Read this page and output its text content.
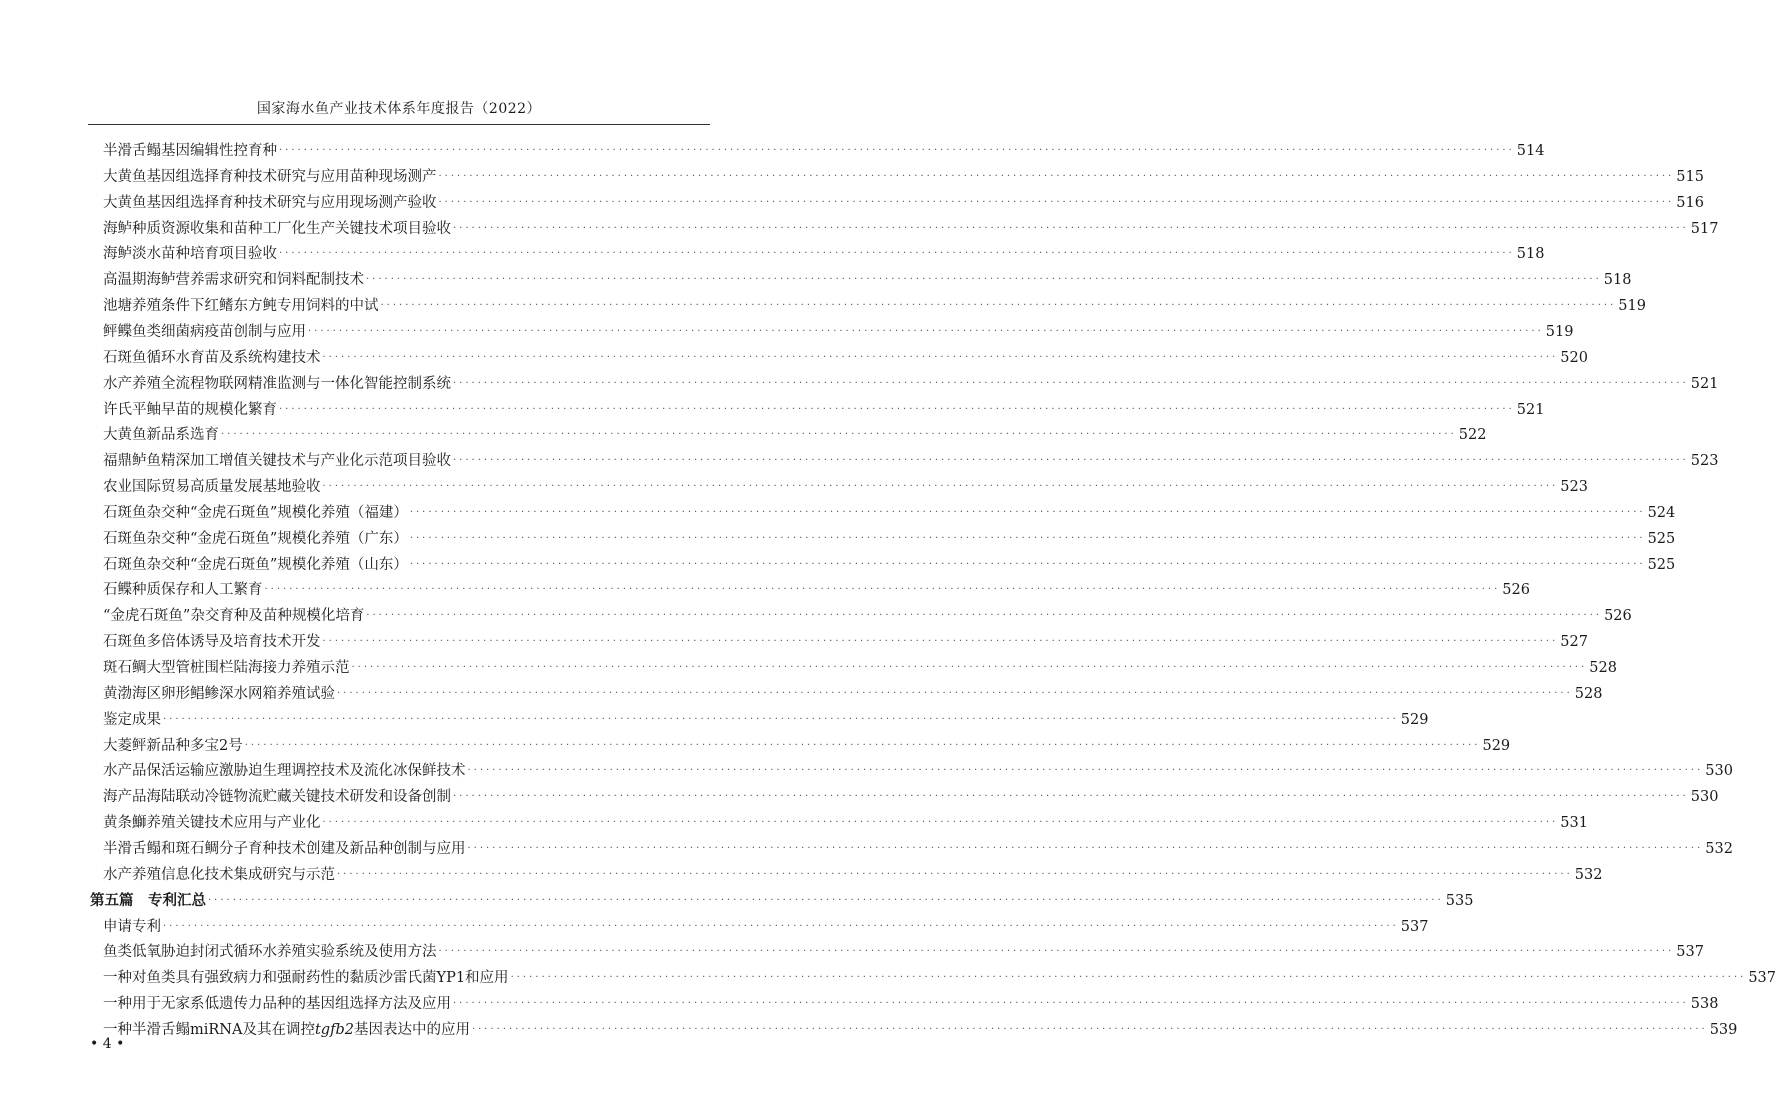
国家海水鱼产业技术体系年度报告（2022）
半滑舌鳎基因编辑性控育种 ········································································································································································································ 514
大黄鱼基因组选择育种技术研究与应用苗种现场测产 ········································································································································································································ 515
大黄鱼基因组选择育种技术研究与应用现场测产验收 ········································································································································································································ 516
海鲈种质资源收集和苗种工厂化生产关键技术项目验收 ········································································································································································································ 517
海鲈淡水苗种培育项目验收 ········································································································································································································ 518
高温期海鲈营养需求研究和饲料配制技术 ········································································································································································································ 518
池塘养殖条件下红鳍东方鲀专用饲料的中试 ········································································································································································································ 519
鲆鲽鱼类细菌病疫苗创制与应用 ········································································································································································································ 519
石斑鱼循环水育苗及系统构建技术 ········································································································································································································ 520
水产养殖全流程物联网精准监测与一体化智能控制系统 ········································································································································································································ 521
许氏平鲉早苗的规模化繁育 ········································································································································································································ 521
大黄鱼新品系选育 ········································································································································································································ 522
福鼎鲈鱼精深加工增值关键技术与产业化示范项目验收 ········································································································································································································ 523
农业国际贸易高质量发展基地验收 ········································································································································································································ 523
石斑鱼杂交种“金虎石斑鱼”规模化养殖（福建） ········································································································································································································ 524
石斑鱼杂交种“金虎石斑鱼”规模化养殖（广东） ········································································································································································································ 525
石斑鱼杂交种“金虎石斑鱼”规模化养殖（山东） ········································································································································································································ 525
石鲽种质保存和人工繁育 ········································································································································································································ 526
“金虎石斑鱼”杂交育种及苗种规模化培育 ········································································································································································································ 526
石斑鱼多倍体诱导及培育技术开发 ········································································································································································································ 527
斑石鲷大型管桩围栏陆海接力养殖示范 ········································································································································································································ 528
黄渤海区卵形鲳鲹深水网箱养殖试验 ········································································································································································································ 528
鉴定成果 ········································································································································································································ 529
大菱鲆新品种多宝2号 ········································································································································································································ 529
水产品保活运输应激胁迫生理调控技术及流化冰保鲜技术 ········································································································································································································ 530
海产品海陆联动冷链物流贮藏关键技术研发和设备创制 ········································································································································································································ 530
黄条鰤养殖关键技术应用与产业化 ········································································································································································································ 531
半滑舌鳎和斑石鲷分子育种技术创建及新品种创制与应用 ········································································································································································································ 532
水产养殖信息化技术集成研究与示范 ········································································································································································································ 532
第五篇　专利汇总 ········································································································································································································ 535
申请专利 ········································································································································································································ 537
鱼类低氧胁迫封闭式循环水养殖实验系统及使用方法 ········································································································································································································ 537
一种对鱼类具有强致病力和强耐药性的黏质沙雷氏菌YP1和应用 ········································································································································································································ 537
一种用于无家系低遗传力品种的基因组选择方法及应用 ········································································································································································································ 538
一种半滑舌鳎miRNA及其在调控tgfb2基因表达中的应用 ········································································································································································································ 539
• 4 •
